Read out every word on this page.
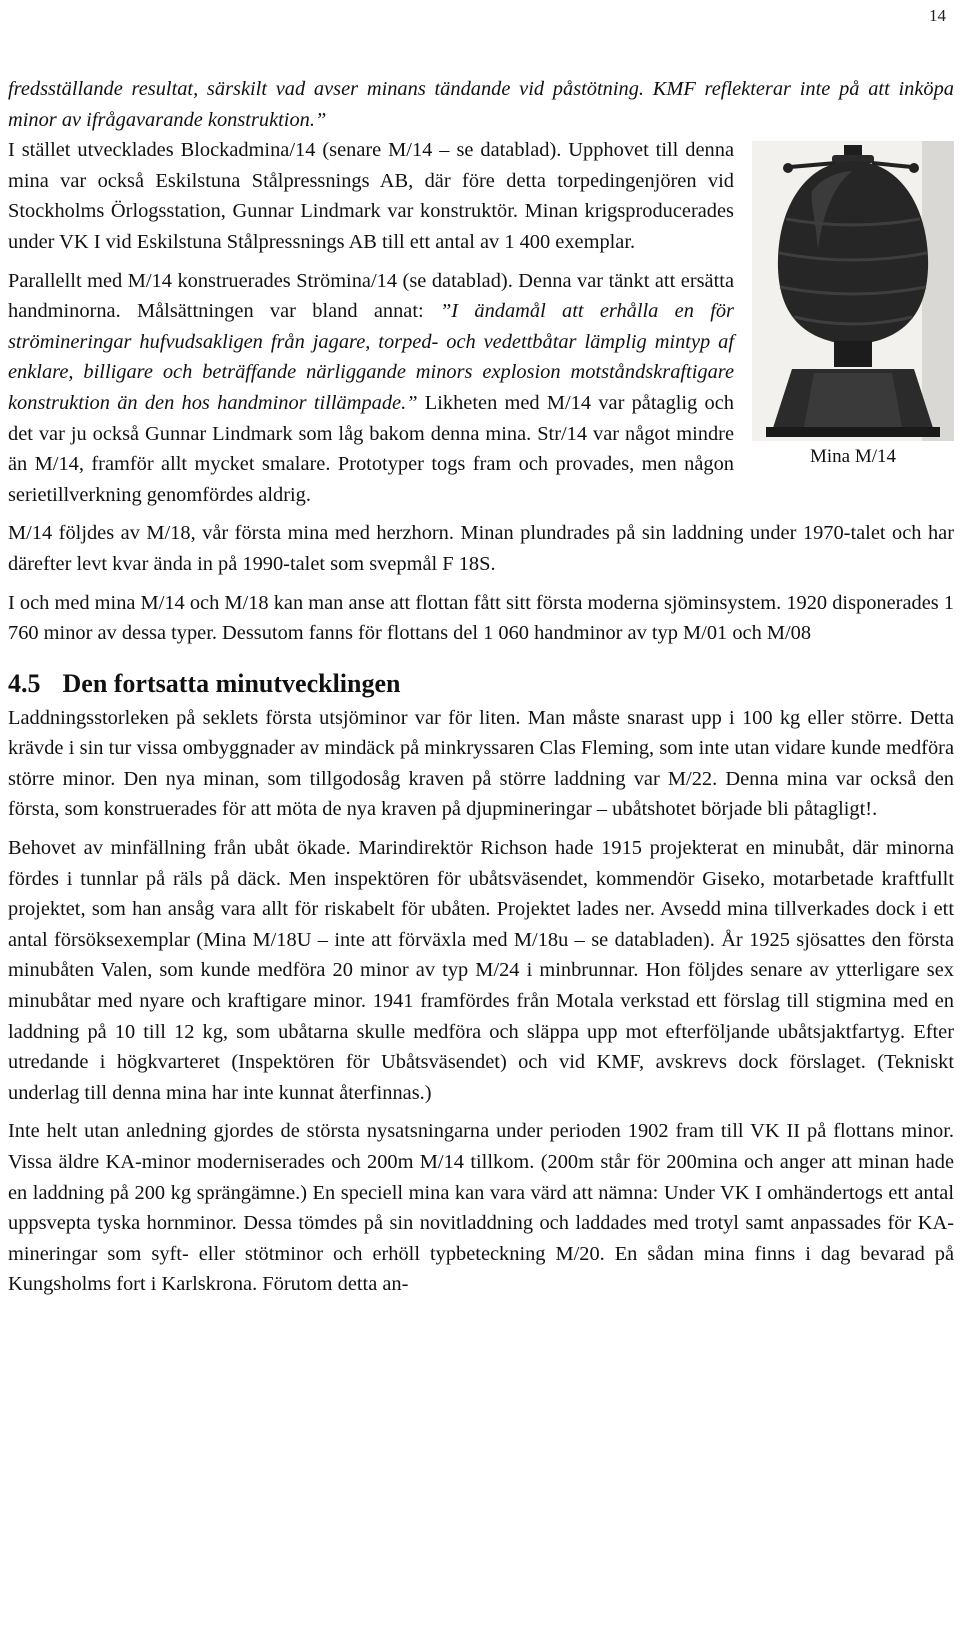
14

fredsställande resultat, särskilt vad avser minans tändande vid påstötning. KMF reflekterar inte på att inköpa minor av ifrågavarande konstruktion.”

Mina M/14

I stället utvecklades Blockadmina/14 (senare M/14 – se datablad). Upphovet till denna mina var också Eskilstuna Stålpressnings AB, där före detta torpedingenjören vid Stockholms Örlogsstation, Gunnar Lindmark var konstruktör. Minan krigsproducerades under VK I vid Eskilstuna Stålpressnings AB till ett antal av 1 400 exemplar.

Parallellt med M/14 konstruerades Strömina/14 (se datablad). Denna var tänkt att ersätta handminorna. Målsättningen var bland annat: ”I ändamål att erhålla en för strömineringar hufvudsakligen från jagare, torped- och vedettbåtar lämplig mintyp af enklare, billigare och beträffande närliggande minors explosion motståndskraftigare konstruktion än den hos handminor tillämpade.” Likheten med M/14 var påtaglig och det var ju också Gunnar Lindmark som låg bakom denna mina. Str/14 var något mindre än M/14, framför allt mycket smalare. Prototyper togs fram och provades, men någon serietillverkning genomfördes aldrig.

M/14 följdes av M/18, vår första mina med herzhorn. Minan plundrades på sin laddning under 1970-talet och har därefter levt kvar ända in på 1990-talet som svepmål F 18S.

I och med mina M/14 och M/18 kan man anse att flottan fått sitt första moderna sjöminsystem. 1920 disponerades 1 760 minor av dessa typer. Dessutom fanns för flottans del 1 060 handminor av typ M/01 och M/08

4.5 Den fortsatta minutvecklingen

Laddningsstorleken på seklets första utsjöminor var för liten. Man måste snarast upp i 100 kg eller större. Detta krävde i sin tur vissa ombyggnader av mindäck på minkryssaren Clas Fleming, som inte utan vidare kunde medföra större minor. Den nya minan, som tillgodosåg kraven på större laddning var M/22. Denna mina var också den första, som konstruerades för att möta de nya kraven på djupmineringar – ubåtshotet började bli påtagligt!.

Behovet av minfällning från ubåt ökade. Marindirektör Richson hade 1915 projekterat en minubåt, där minorna fördes i tunnlar på räls på däck. Men inspektören för ubåtsväsendet, kommendör Giseko, motarbetade kraftfullt projektet, som han ansåg vara allt för riskabelt för ubåten. Projektet lades ner. Avsedd mina tillverkades dock i ett antal försöksexemplar (Mina M/18U – inte att förväxla med M/18u – se databladen). År 1925 sjösattes den första minubåten Valen, som kunde medföra 20 minor av typ M/24 i minbrunnar. Hon följdes senare av ytterligare sex minubåtar med nyare och kraftigare minor. 1941 framfördes från Motala verkstad ett förslag till stigmina med en laddning på 10 till 12 kg, som ubåtarna skulle medföra och släppa upp mot efterföljande ubåtsjaktfartyg. Efter utredande i högkvarteret (Inspektören för Ubåtsväsendet) och vid KMF, avskrevs dock förslaget. (Tekniskt underlag till denna mina har inte kunnat återfinnas.)

Inte helt utan anledning gjordes de största nysatsningarna under perioden 1902 fram till VK II på flottans minor. Vissa äldre KA-minor moderniserades och 200m M/14 tillkom. (200m står för 200mina och anger att minan hade en laddning på 200 kg sprängämne.) En speciell mina kan vara värd att nämna: Under VK I omhändertogs ett antal uppsvepta tyska hornminor. Dessa tömdes på sin novitladdning och laddades med trotyl samt anpassades för KA-mineringar som syft- eller stötminor och erhöll typbeteckning M/20. En sådan mina finns i dag bevarad på Kungsholms fort i Karlskrona. Förutom detta an-
